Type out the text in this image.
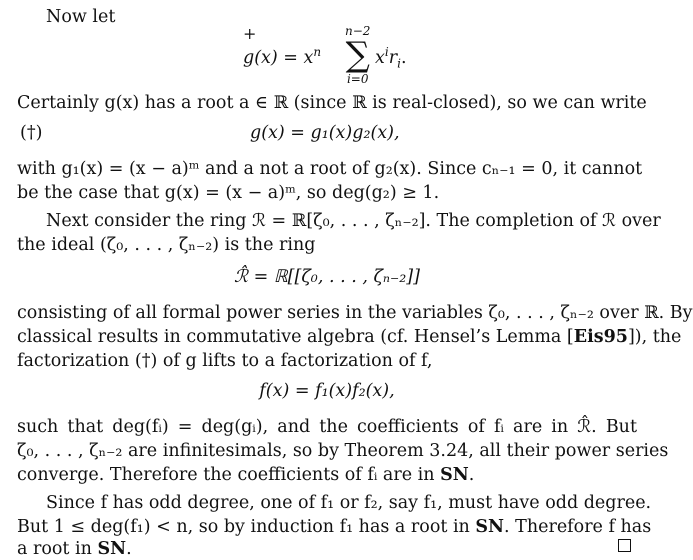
Now let
$g(x) = x^n$
+	n−2
∑
i=0
$x^ir_i$.
Certainly g(x) has a root a ∈ ℝ (since ℝ is real-closed), so we can write
(†)	g(x) = g₁(x)g₂(x),
with g₁(x) = (x − a)ᵐ and a not a root of g₂(x). Since cₙ₋₁ = 0, it cannot
be the case that g(x) = (x − a)ᵐ, so deg(g₂) ≥ 1.
Next consider the ring ℛ = ℝ[ζ₀, . . . , ζₙ₋₂]. The completion of ℛ over
the ideal (ζ₀, . . . , ζₙ₋₂) is the ring
ℛ̂ = ℝ[[ζ₀, . . . , ζₙ₋₂]]
consisting of all formal power series in the variables ζ₀, . . . , ζₙ₋₂ over ℝ. By
classical results in commutative algebra (cf. Hensel’s Lemma [Eis95]), the
factorization (†) of g lifts to a factorization of f,
f(x) = f₁(x)f₂(x),
such that deg(fᵢ) = deg(gᵢ), and the coefficients of fᵢ are in ℛ̂. But
ζ₀, . . . , ζₙ₋₂ are infinitesimals, so by Theorem 3.24, all their power series
converge. Therefore the coefficients of fᵢ are in SN.
Since f has odd degree, one of f₁ or f₂, say f₁, must have odd degree.
But 1 ≤ deg(f₁) < n, so by induction f₁ has a root in SN. Therefore f has
a root in SN.
